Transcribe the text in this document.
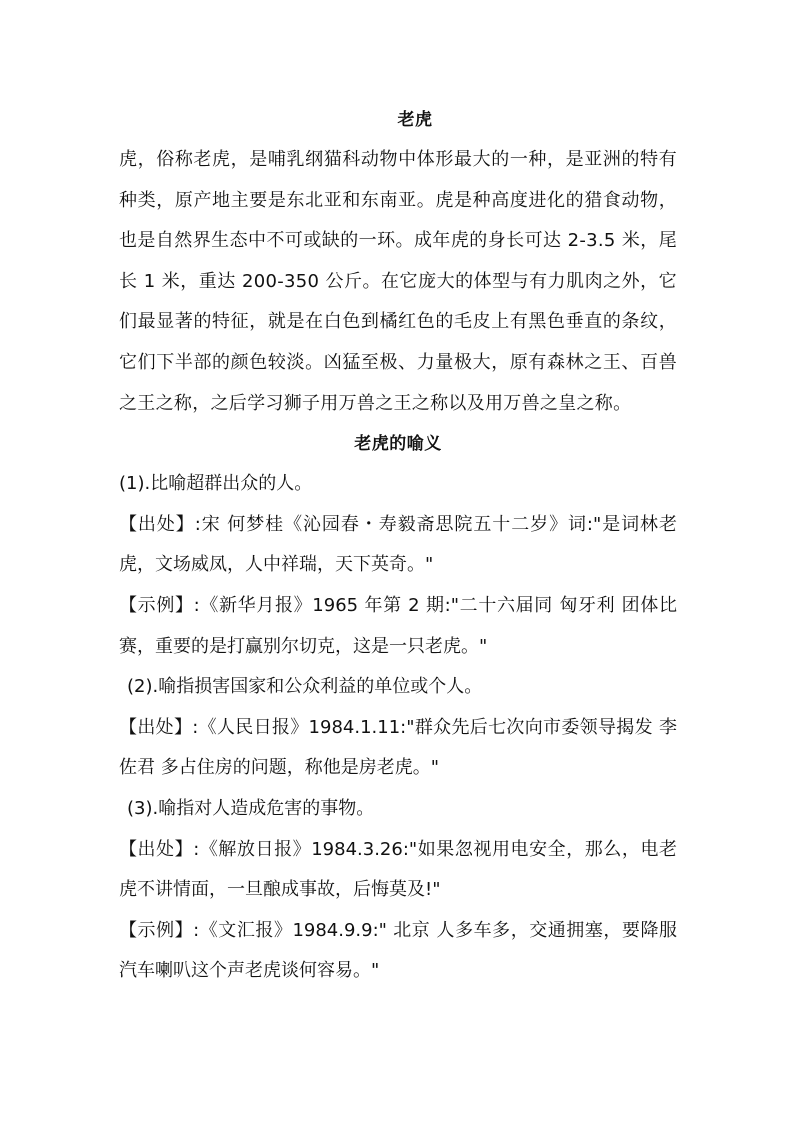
老虎

虎，俗称老虎，是哺乳纲猫科动物中体形最大的一种，是亚洲的特有种类，原产地主要是东北亚和东南亚。虎是种高度进化的猎食动物，也是自然界生态中不可或缺的一环。成年虎的身长可达 2-3.5 米，尾长 1 米，重达 200-350 公斤。在它庞大的体型与有力肌肉之外，它们最显著的特征，就是在白色到橘红色的毛皮上有黑色垂直的条纹，它们下半部的颜色较淡。凶猛至极、力量极大，原有森林之王、百兽之王之称，之后学习狮子用万兽之王之称以及用万兽之皇之称。

老虎的喻义

(1).比喻超群出众的人。

【出处】:宋 何梦桂《沁园春・寿毅斋思院五十二岁》词:"是词林老虎，文场威凤，人中祥瑞，天下英奇。"

【示例】:《新华月报》1965 年第 2 期:"二十六届同 匈牙利 团体比赛，重要的是打赢别尔切克，这是一只老虎。"

(2).喻指损害国家和公众利益的单位或个人。

【出处】:《人民日报》1984.1.11:"群众先后七次向市委领导揭发 李佐君 多占住房的问题，称他是房老虎。"

(3).喻指对人造成危害的事物。

【出处】:《解放日报》1984.3.26:"如果忽视用电安全，那么，电老虎不讲情面，一旦酿成事故，后悔莫及!"

【示例】:《文汇报》1984.9.9:" 北京 人多车多，交通拥塞，要降服汽车喇叭这个声老虎谈何容易。"
